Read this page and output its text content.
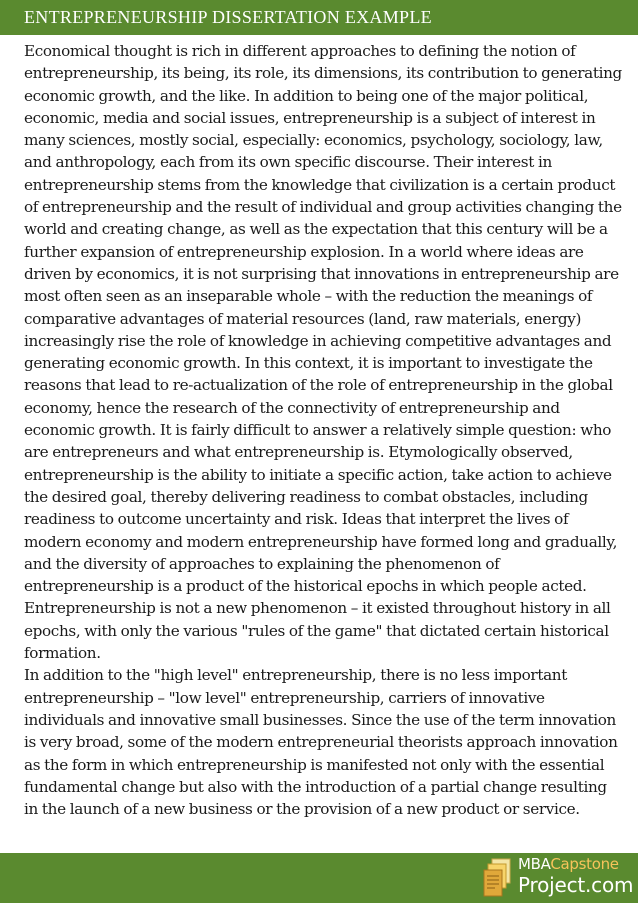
ENTREPRENEURSHIP DISSERTATION EXAMPLE

Economical thought is rich in different approaches to defining the notion of entrepreneurship, its being, its role, its dimensions, its contribution to generating economic growth, and the like. In addition to being one of the major political, economic, media and social issues, entrepreneurship is a subject of interest in many sciences, mostly social, especially: economics, psychology, sociology, law, and anthropology, each from its own specific discourse. Their interest in entrepreneurship stems from the knowledge that civilization is a certain product of entrepreneurship and the result of individual and group activities changing the world and creating change, as well as the expectation that this century will be a further expansion of entrepreneurship explosion. In a world where ideas are driven by economics, it is not surprising that innovations in entrepreneurship are most often seen as an inseparable whole – with the reduction the meanings of comparative advantages of material resources (land, raw materials, energy) increasingly rise the role of knowledge in achieving competitive advantages and generating economic growth. In this context, it is important to investigate the reasons that lead to re-actualization of the role of entrepreneurship in the global economy, hence the research of the connectivity of entrepreneurship and economic growth. It is fairly difficult to answer a relatively simple question: who are entrepreneurs and what entrepreneurship is. Etymologically observed, entrepreneurship is the ability to initiate a specific action, take action to achieve the desired goal, thereby delivering readiness to combat obstacles, including readiness to outcome uncertainty and risk. Ideas that interpret the lives of modern economy and modern entrepreneurship have formed long and gradually, and the diversity of approaches to explaining the phenomenon of entrepreneurship is a product of the historical epochs in which people acted. Entrepreneurship is not a new phenomenon – it existed throughout history in all epochs, with only the various "rules of the game" that dictated certain historical formation.

In addition to the "high level" entrepreneurship, there is no less important entrepreneurship – "low level" entrepreneurship, carriers of innovative individuals and innovative small businesses. Since the use of the term innovation is very broad, some of the modern entrepreneurial theorists approach innovation as the form in which entrepreneurship is manifested not only with the essential fundamental change but also with the introduction of a partial change resulting in the launch of a new business or the provision of a new product or service.

MBACapstone
Project.com
